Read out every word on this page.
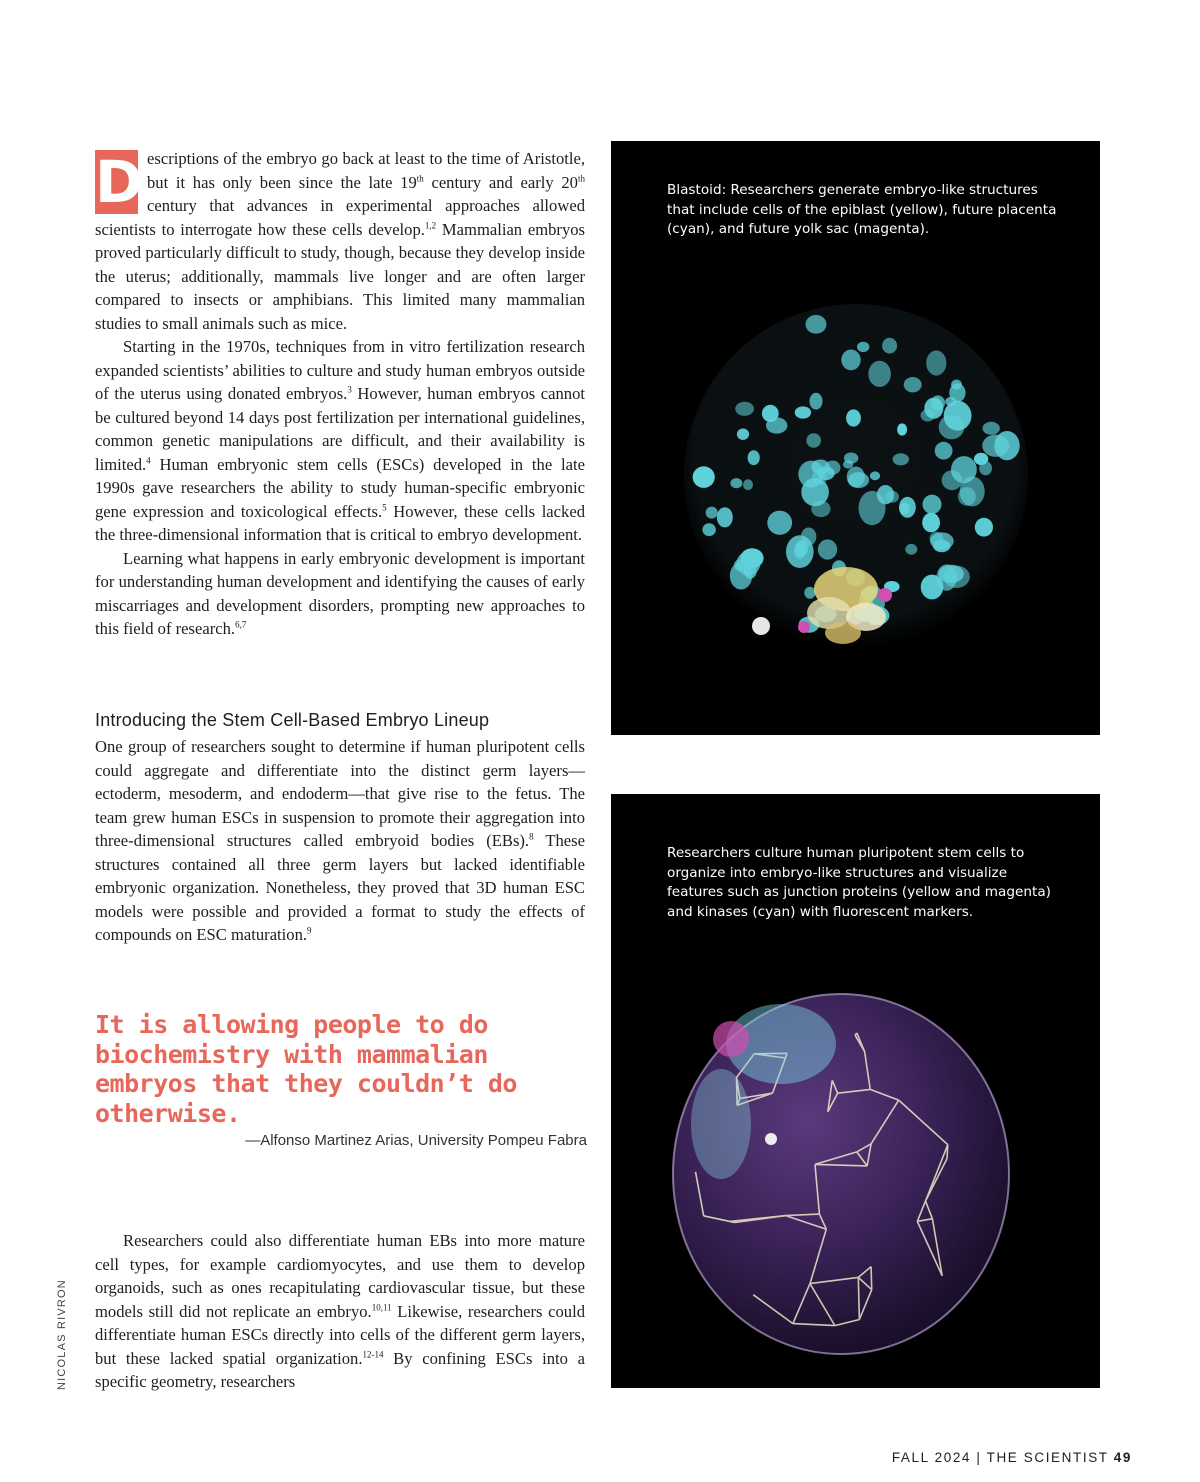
D escriptions of the embryo go back at least to the time of Aristotle, but it has only been since the late 19th century and early 20th century that advances in experimental approaches allowed scientists to interrogate how these cells develop.$^{1,2}$ Mammalian embryos proved particularly difficult to study, though, because they develop inside the uterus; additionally, mammals live longer and are often larger compared to insects or amphibians. This limited many mammalian studies to small animals such as mice.

Starting in the 1970s, techniques from in vitro fertilization research expanded scientists’ abilities to culture and study human embryos outside of the uterus using donated embryos.$^3$ However, human embryos cannot be cultured beyond 14 days post fertilization per international guidelines, common genetic manipulations are difficult, and their availability is limited.$^4$ Human embryonic stem cells (ESCs) developed in the late 1990s gave researchers the ability to study human-specific embryonic gene expression and toxicological effects.$^5$ However, these cells lacked the three-dimensional information that is critical to embryo development.

Learning what happens in early embryonic development is important for understanding human development and identifying the causes of early miscarriages and development disorders, prompting new approaches to this field of research.$^{6,7}$

Introducing the Stem Cell-Based Embryo Lineup

One group of researchers sought to determine if human pluripotent cells could aggregate and differentiate into the distinct germ layers—ectoderm, mesoderm, and endoderm—that give rise to the fetus. The team grew human ESCs in suspension to promote their aggregation into three-dimensional structures called embryoid bodies (EBs).$^8$ These structures contained all three germ layers but lacked identifiable embryonic organization. Nonetheless, they proved that 3D human ESC models were possible and provided a format to study the effects of compounds on ESC maturation.$^9$

It is allowing people to do biochemistry with mammalian embryos that they couldn’t do otherwise.

—Alfonso Martinez Arias, University Pompeu Fabra

Researchers could also differentiate human EBs into more mature cell types, for example cardiomyocytes, and use them to develop organoids, such as ones recapitulating cardiovascular tissue, but these models still did not replicate an embryo.$^{10,11}$ Likewise, researchers could differentiate human ESCs directly into cells of the different germ layers, but these lacked spatial organization.$^{12-14}$ By confining ESCs into a specific geometry, researchers

NICOLAS RIVRON

Blastoid: Researchers generate embryo-like structures that include cells of the epiblast (yellow), future placenta (cyan), and future yolk sac (magenta).

Researchers culture human pluripotent stem cells to organize into embryo-like structures and visualize features such as junction proteins (yellow and magenta) and kinases (cyan) with fluorescent markers.

FALL 2024 | THE SCIENTIST 49
